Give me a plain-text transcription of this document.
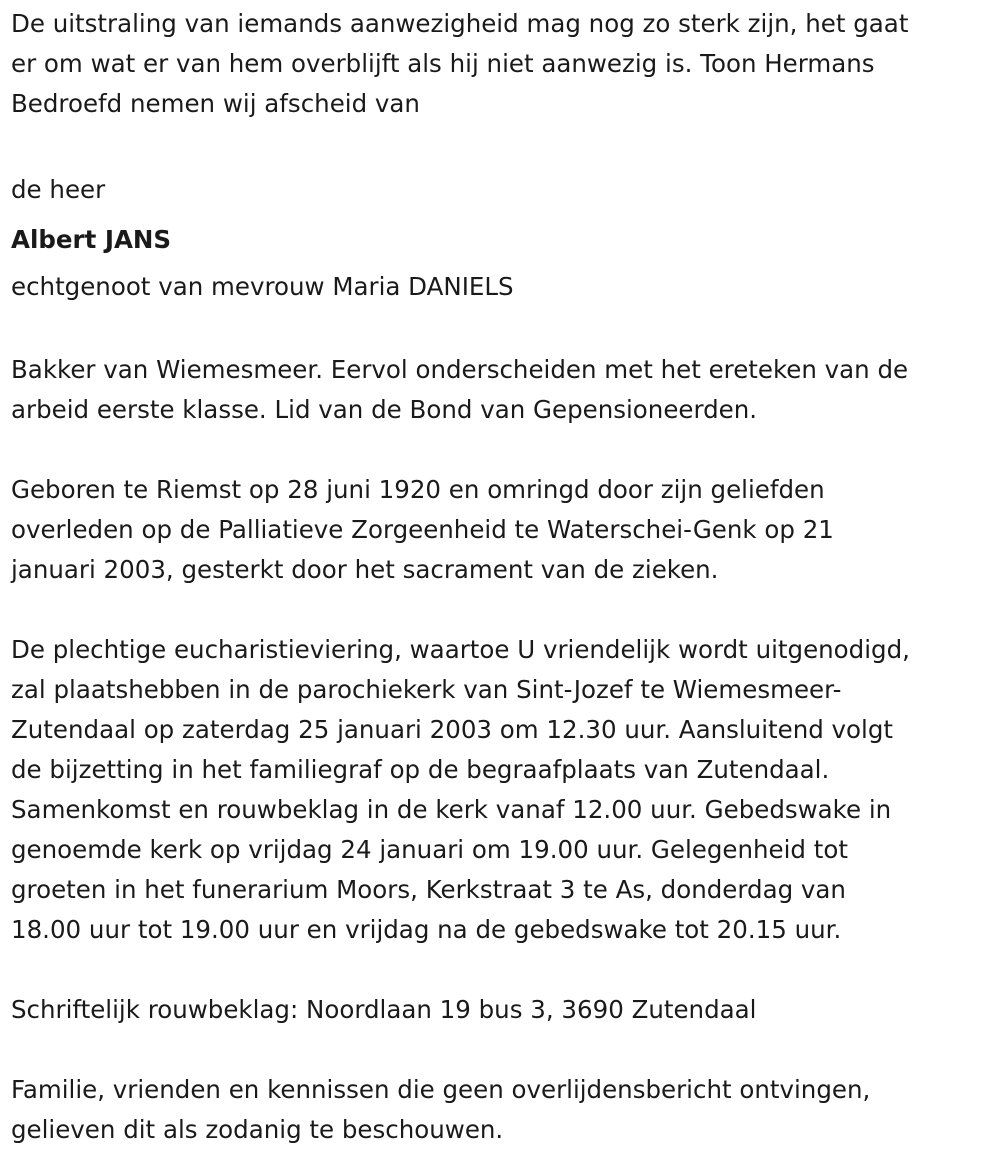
De uitstraling van iemands aanwezigheid mag nog zo sterk zijn, het gaat
er om wat er van hem overblijft als hij niet aanwezig is. Toon Hermans
Bedroefd nemen wij afscheid van

de heer

Albert JANS

echtgenoot van mevrouw Maria DANIELS

Bakker van Wiemesmeer. Eervol onderscheiden met het ereteken van de
arbeid eerste klasse. Lid van de Bond van Gepensioneerden.

Geboren te Riemst op 28 juni 1920 en omringd door zijn geliefden
overleden op de Palliatieve Zorgeenheid te Waterschei-Genk op 21
januari 2003, gesterkt door het sacrament van de zieken.

De plechtige eucharistieviering, waartoe U vriendelijk wordt uitgenodigd,
zal plaatshebben in de parochiekerk van Sint-Jozef te Wiemesmeer-
Zutendaal op zaterdag 25 januari 2003 om 12.30 uur. Aansluitend volgt
de bijzetting in het familiegraf op de begraafplaats van Zutendaal.
Samenkomst en rouwbeklag in de kerk vanaf 12.00 uur. Gebedswake in
genoemde kerk op vrijdag 24 januari om 19.00 uur. Gelegenheid tot
groeten in het funerarium Moors, Kerkstraat 3 te As, donderdag van
18.00 uur tot 19.00 uur en vrijdag na de gebedswake tot 20.15 uur.

Schriftelijk rouwbeklag: Noordlaan 19 bus 3, 3690 Zutendaal

Familie, vrienden en kennissen die geen overlijdensbericht ontvingen,
gelieven dit als zodanig te beschouwen.
